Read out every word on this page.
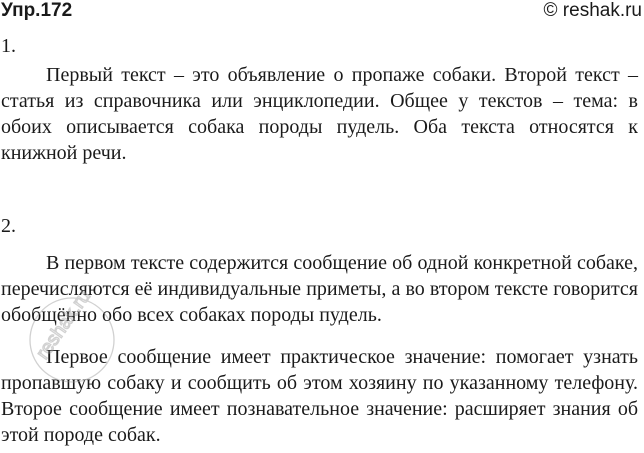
Упр.172	© reshak.ru
1.

Первый текст – это объявление о пропаже собаки. Второй текст – статья из справочника или энциклопедии. Общее у текстов – тема: в обоих описывается собака породы пудель. Оба текста относятся к книжной речи.

2.

В первом тексте содержится сообщение об одной конкретной собаке, перечисляются её индивидуальные приметы, а во втором тексте говорится обобщённо обо всех собаках породы пудель.

Первое сообщение имеет практическое значение: помогает узнать пропавшую собаку и сообщить об этом хозяину по указанному телефону. Второе сообщение имеет познавательное значение: расширяет знания об этой породе собак.

reshak.ru
